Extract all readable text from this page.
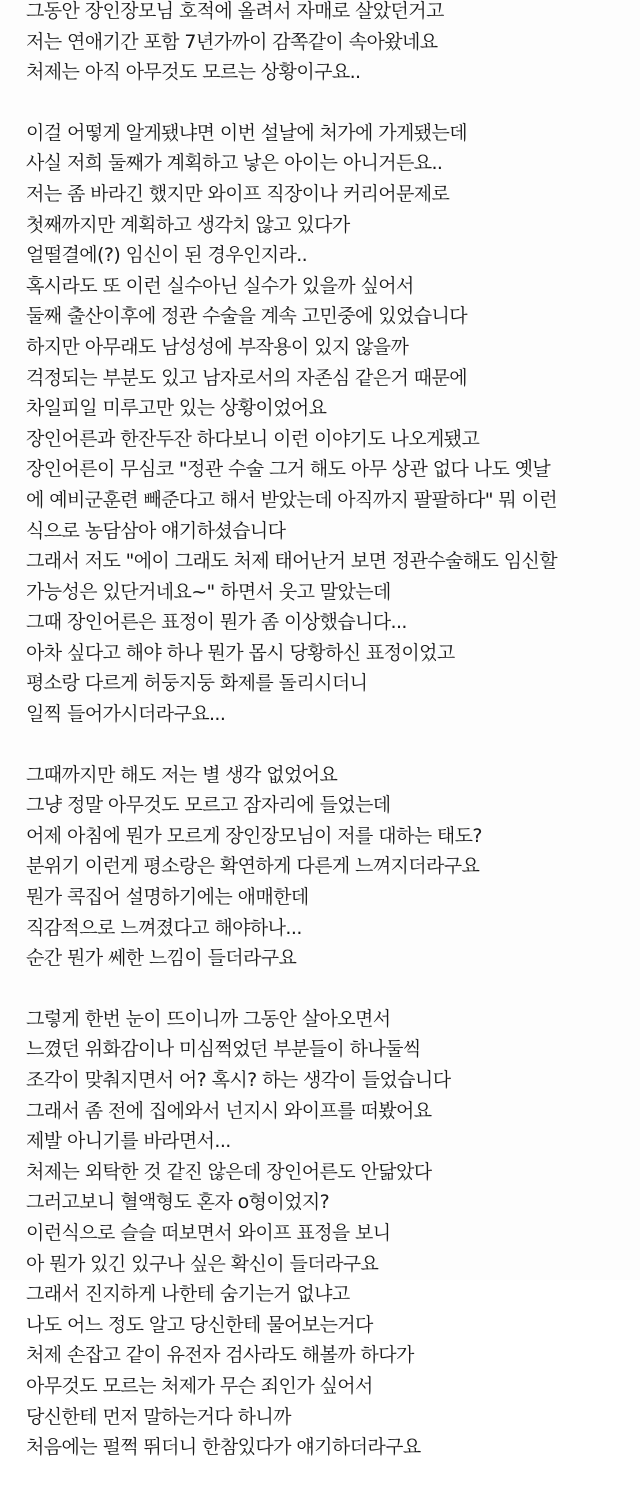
그동안 장인장모님 호적에 올려서 자매로 살았던거고
저는 연애기간 포함 7년가까이 감쪽같이 속아왔네요
처제는 아직 아무것도 모르는 상황이구요..
이걸 어떻게 알게됐냐면 이번 설날에 처가에 가게됐는데
사실 저희 둘째가 계획하고 낳은 아이는 아니거든요..
저는 좀 바라긴 했지만 와이프 직장이나 커리어문제로
첫째까지만 계획하고 생각치 않고 있다가
얼떨결에(?) 임신이 된 경우인지라..
혹시라도 또 이런 실수아닌 실수가 있을까 싶어서
둘째 출산이후에 정관 수술을 계속 고민중에 있었습니다
하지만 아무래도 남성성에 부작용이 있지 않을까
걱정되는 부분도 있고 남자로서의 자존심 같은거 때문에
차일피일 미루고만 있는 상황이었어요
장인어른과 한잔두잔 하다보니 이런 이야기도 나오게됐고
장인어른이 무심코 "정관 수술 그거 해도 아무 상관 없다 나도 옛날
에 예비군훈련 빼준다고 해서 받았는데 아직까지 팔팔하다" 뭐 이런
식으로 농담삼아 얘기하셨습니다
그래서 저도 "에이 그래도 처제 태어난거 보면 정관수술해도 임신할
가능성은 있단거네요~" 하면서 웃고 말았는데
그때 장인어른은 표정이 뭔가 좀 이상했습니다...
아차 싶다고 해야 하나 뭔가 몹시 당황하신 표정이었고
평소랑 다르게 허둥지둥 화제를 돌리시더니
일찍 들어가시더라구요...
그때까지만 해도 저는 별 생각 없었어요
그냥 정말 아무것도 모르고 잠자리에 들었는데
어제 아침에 뭔가 모르게 장인장모님이 저를 대하는 태도?
분위기 이런게 평소랑은 확연하게 다른게 느껴지더라구요
뭔가 콕집어 설명하기에는 애매한데
직감적으로 느껴졌다고 해야하나...
순간 뭔가 쎄한 느낌이 들더라구요
그렇게 한번 눈이 뜨이니까 그동안 살아오면서
느꼈던 위화감이나 미심쩍었던 부분들이 하나둘씩
조각이 맞춰지면서 어? 혹시? 하는 생각이 들었습니다
그래서 좀 전에 집에와서 넌지시 와이프를 떠봤어요
제발 아니기를 바라면서...
처제는 외탁한 것 같진 않은데 장인어른도 안닮았다
그러고보니 혈액형도 혼자 o형이었지?
이런식으로 슬슬 떠보면서 와이프 표정을 보니
아 뭔가 있긴 있구나 싶은 확신이 들더라구요
그래서 진지하게 나한테 숨기는거 없냐고
나도 어느 정도 알고 당신한테 물어보는거다
처제 손잡고 같이 유전자 검사라도 해볼까 하다가
아무것도 모르는 처제가 무슨 죄인가 싶어서
당신한테 먼저 말하는거다 하니까
처음에는 펄쩍 뛰더니 한참있다가 얘기하더라구요
